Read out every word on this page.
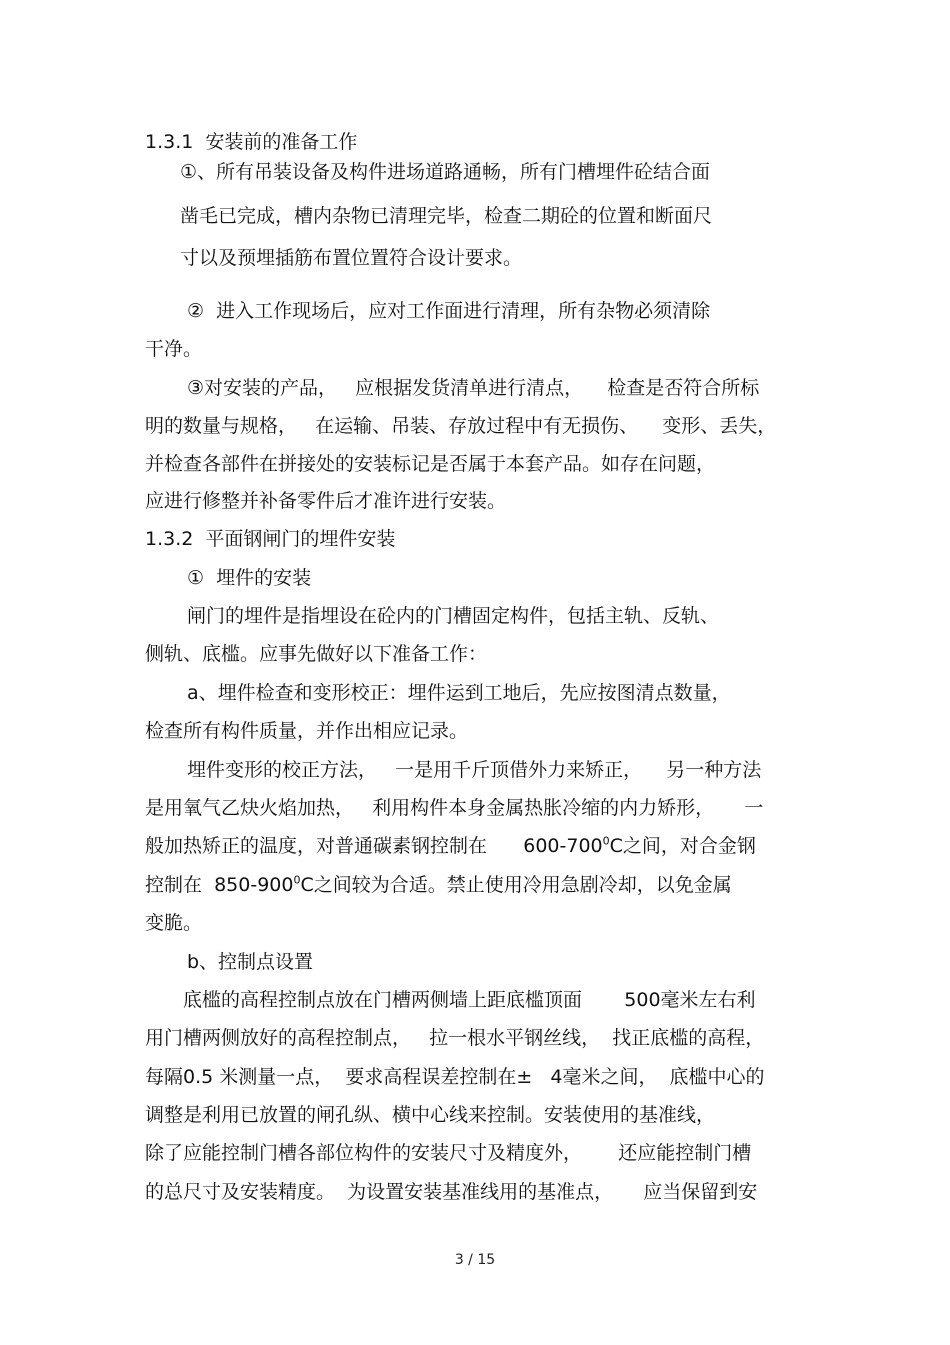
1.3.1  安装前的准备工作

①、所有吊装设备及构件进场道路通畅，所有门槽埋件砼结合面

凿毛已完成，槽内杂物已清理完毕，检查二期砼的位置和断面尺

寸以及预埋插筋布置位置符合设计要求。

②  进入工作现场后，应对工作面进行清理，所有杂物必须清除

干净。

③对安装的产品，   应根据发货清单进行清点，    检查是否符合所标

明的数量与规格，   在运输、吊装、存放过程中有无损伤、    变形、丢失，

并检查各部件在拼接处的安装标记是否属于本套产品。如存在问题，

应进行修整并补备零件后才准许进行安装。

1.3.2  平面钢闸门的埋件安装

①  埋件的安装

闸门的埋件是指埋设在砼内的门槽固定构件，包括主轨、反轨、

侧轨、底槛。应事先做好以下准备工作：

a、埋件检查和变形校正：埋件运到工地后，先应按图清点数量，

检查所有构件质量，并作出相应记录。

埋件变形的校正方法，   一是用千斤顶借外力来矫正，    另一种方法

是用氧气乙炔火焰加热，   利用构件本身金属热胀冷缩的内力矫形，     一

般加热矫正的温度，对普通碳素钢控制在      $600-700^0C$之间，对合金钢

控制在  $850-900^0C$之间较为合适。禁止使用冷用急剧冷却，以免金属

变脆。

b、控制点设置

底槛的高程控制点放在门槽两侧墙上距底槛顶面       500毫米左右利

用门槽两侧放好的高程控制点，   拉一根水平钢丝线，  找正底槛的高程，

每隔0.5 米测量一点，  要求高程误差控制在±   4毫米之间，  底槛中心的

调整是利用已放置的闸孔纵、横中心线来控制。安装使用的基准线，

除了应能控制门槽各部位构件的安装尺寸及精度外，      还应能控制门槽

的总尺寸及安装精度。  为设置安装基准线用的基准点，     应当保留到安

3 / 15
